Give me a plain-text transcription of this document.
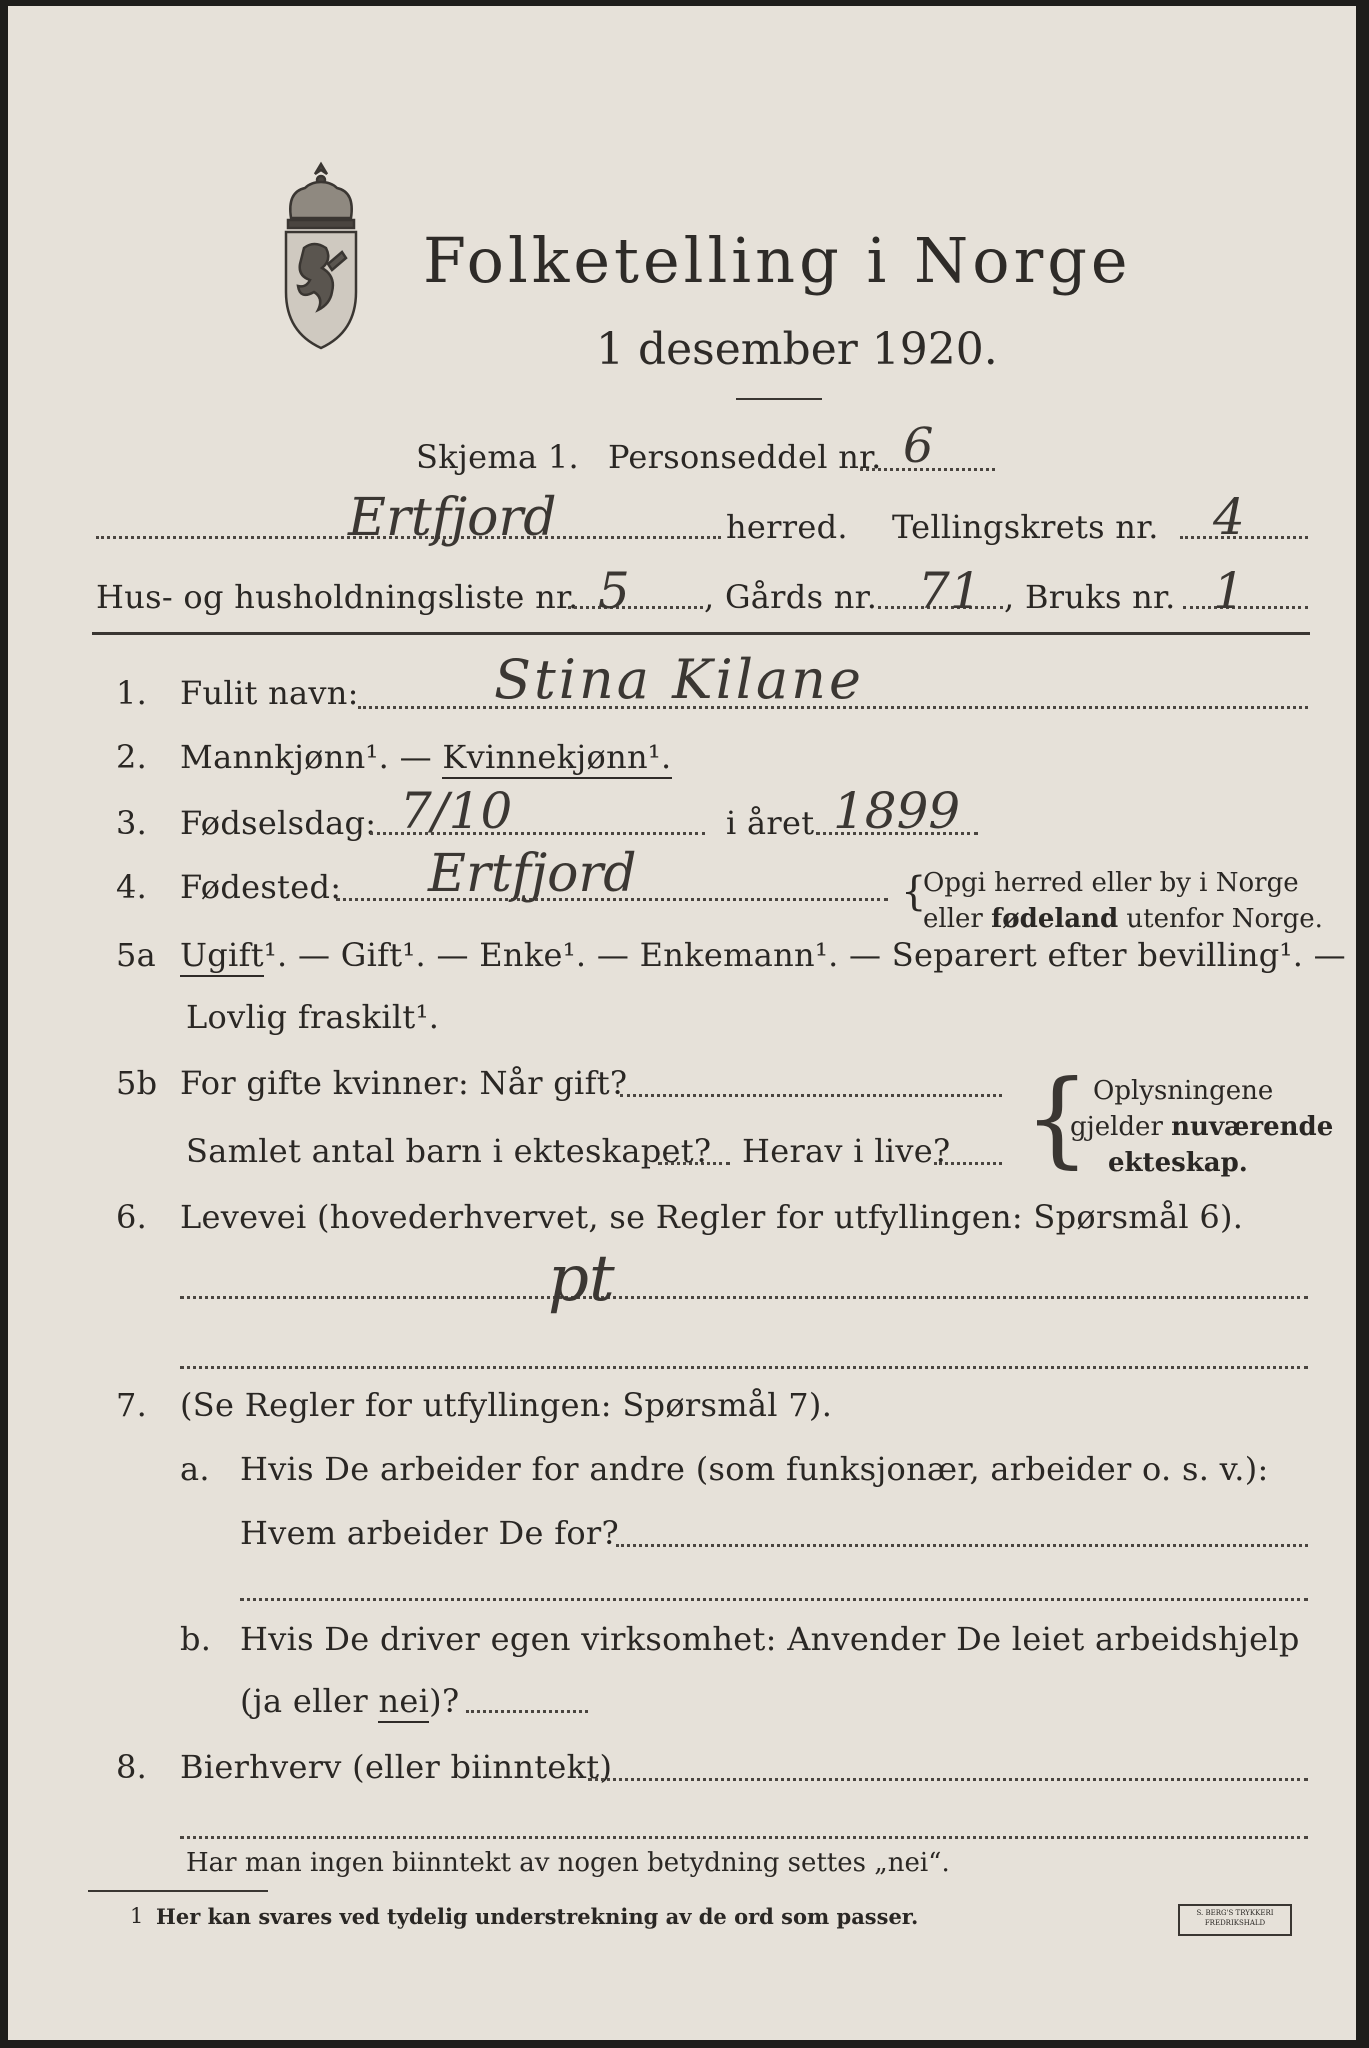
Folketelling i Norge
1 desember 1920.
Skjema 1. Personseddel nr. 6
Ertfjord	herred. Tellingskrets nr. 4
Hus- og husholdningsliste nr. 5 , Gårds nr. 71 , Bruks nr. 1
1. Fulit navn:	Stina Kilane
2. Mannkjønn¹. — Kvinnekjønn¹.
3. Fødselsdag: 7/10	i året 1899
4. Fødested: Ertfjord	{
Opgi herred eller by i Norge
eller fødeland utenfor Norge.
5a Ugift¹. — Gift¹. — Enke¹. — Enkemann¹. — Separert efter bevilling¹. —
Lovlig fraskilt¹.
5b For gifte kvinner: Når gift?
Samlet antal barn i ekteskapet? Herav i live? { Oplysningene
gjelder nuværende
ekteskap.
6. Levevei (hovederhvervet, se Regler for utfyllingen: Spørsmål 6).
pt
7. (Se Regler for utfyllingen: Spørsmål 7).
a. Hvis De arbeider for andre (som funksjonær, arbeider o. s. v.):
Hvem arbeider De for?
b. Hvis De driver egen virksomhet: Anvender De leiet arbeidshjelp
(ja eller nei)?
8. Bierhverv (eller biinntekt)
Har man ingen biinntekt av nogen betydning settes „nei“.
1 Her kan svares ved tydelig understrekning av de ord som passer.	S. BERG'S TRYKKERI FREDRIKSHALD
